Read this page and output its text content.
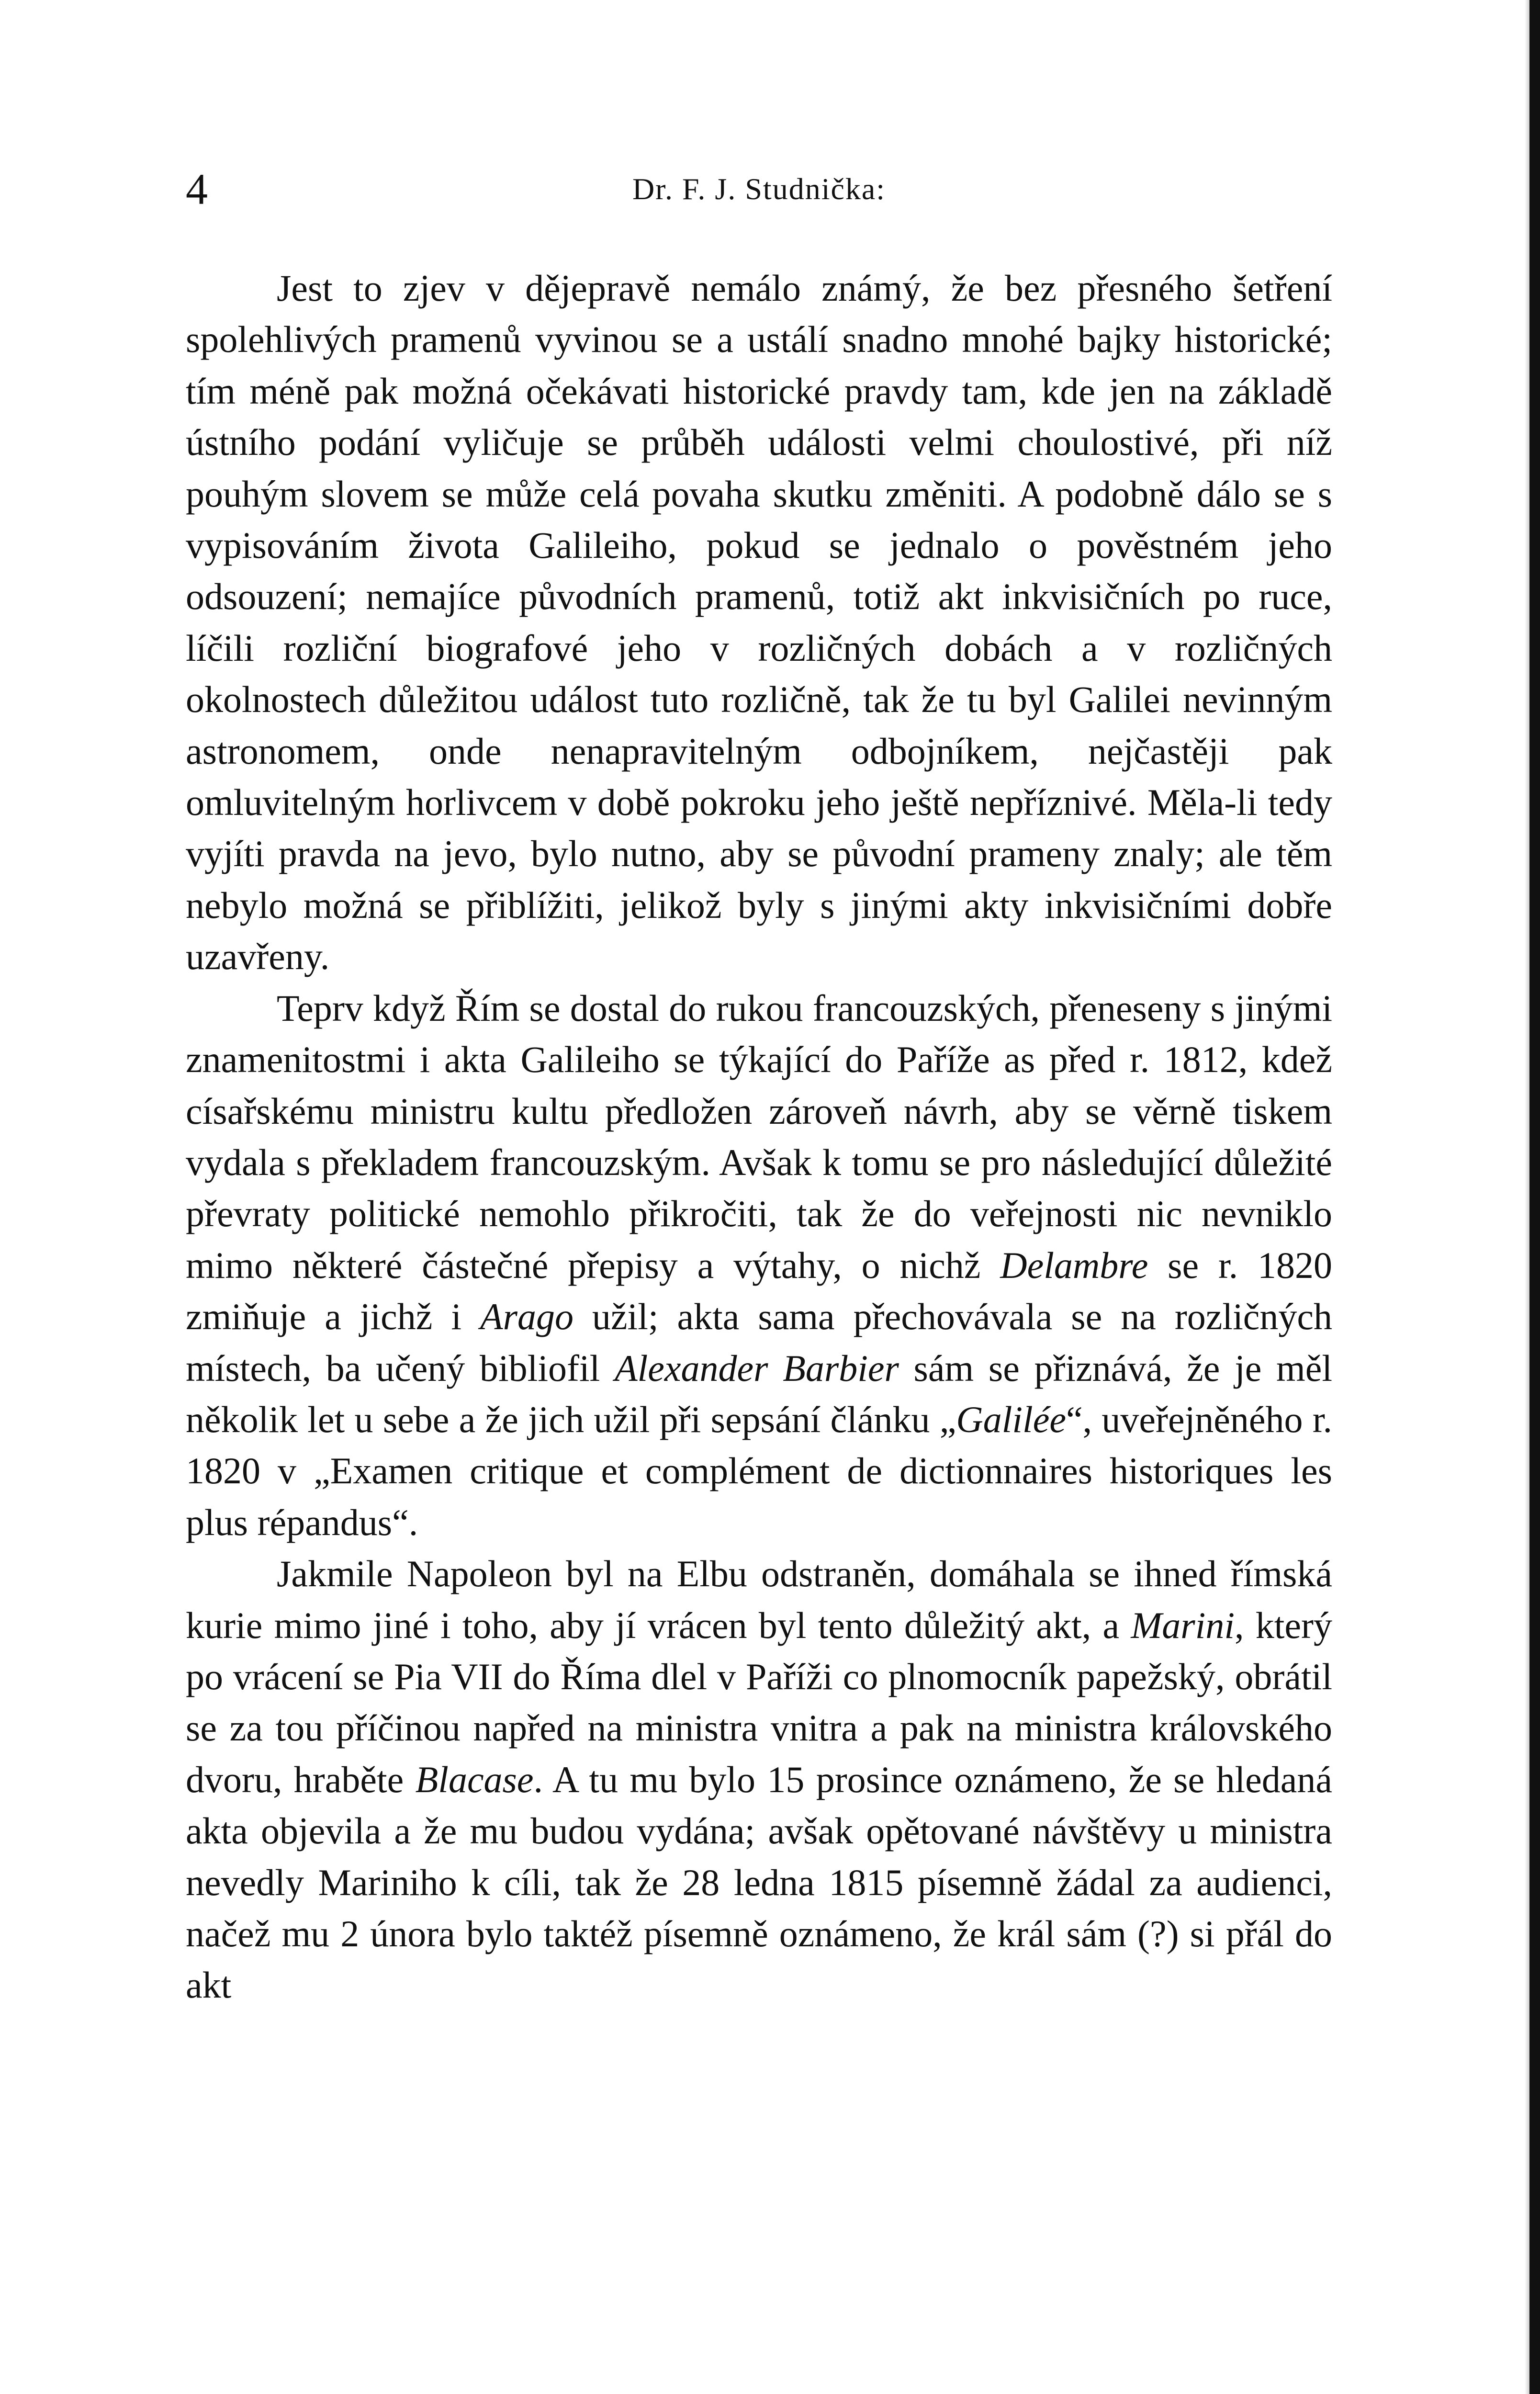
4	Dr. F. J. Studnička:

Jest to zjev v dějepravě nemálo známý, že bez přesného šetření spolehlivých pramenů vyvinou se a ustálí snadno mnohé bajky historické; tím méně pak možná očekávati historické pravdy tam, kde jen na základě ústního podání vyličuje se průběh události velmi choulostivé, při níž pouhým slovem se může celá povaha skutku změniti. A podobně dálo se s vypisováním života Galileiho, pokud se jednalo o pověstném jeho odsouzení; nemajíce původních pramenů, totiž akt inkvisičních po ruce, líčili rozliční biografové jeho v rozličných dobách a v rozličných okolnostech důležitou událost tuto rozličně, tak že tu byl Galilei nevinným astronomem, onde nenapravitelným odbojníkem, nejčastěji pak omluvitelným horlivcem v době pokroku jeho ještě nepříznivé. Měla-li tedy vyjíti pravda na jevo, bylo nutno, aby se původní prameny znaly; ale těm nebylo možná se přiblížiti, jelikož byly s jinými akty inkvisičními dobře uzavřeny.

Teprv když Řím se dostal do rukou francouzských, přeneseny s jinými znamenitostmi i akta Galileiho se týkající do Paříže as před r. 1812, kdež císařskému ministru kultu předložen zároveň návrh, aby se věrně tiskem vydala s překladem francouzským. Avšak k tomu se pro následující důležité převraty politické nemohlo přikročiti, tak že do veřejnosti nic nevniklo mimo některé částečné přepisy a výtahy, o nichž Delambre se r. 1820 zmiňuje a jichž i Arago užil; akta sama přechovávala se na rozličných místech, ba učený bibliofil Alexander Barbier sám se přiznává, že je měl několik let u sebe a že jich užil při sepsání článku „Galilée“, uveřejněného r. 1820 v „Examen critique et complément de dictionnaires historiques les plus répandus“.

Jakmile Napoleon byl na Elbu odstraněn, domáhala se ihned římská kurie mimo jiné i toho, aby jí vrácen byl tento důležitý akt, a Marini, který po vrácení se Pia VII do Říma dlel v Paříži co plnomocník papežský, obrátil se za tou příčinou napřed na ministra vnitra a pak na ministra královského dvoru, hraběte Blacase. A tu mu bylo 15 prosince oznámeno, že se hledaná akta objevila a že mu budou vydána; avšak opětované návštěvy u ministra nevedly Mariniho k cíli, tak že 28 ledna 1815 písemně žádal za audienci, načež mu 2 února bylo taktéž písemně oznámeno, že král sám (?) si přál do akt
